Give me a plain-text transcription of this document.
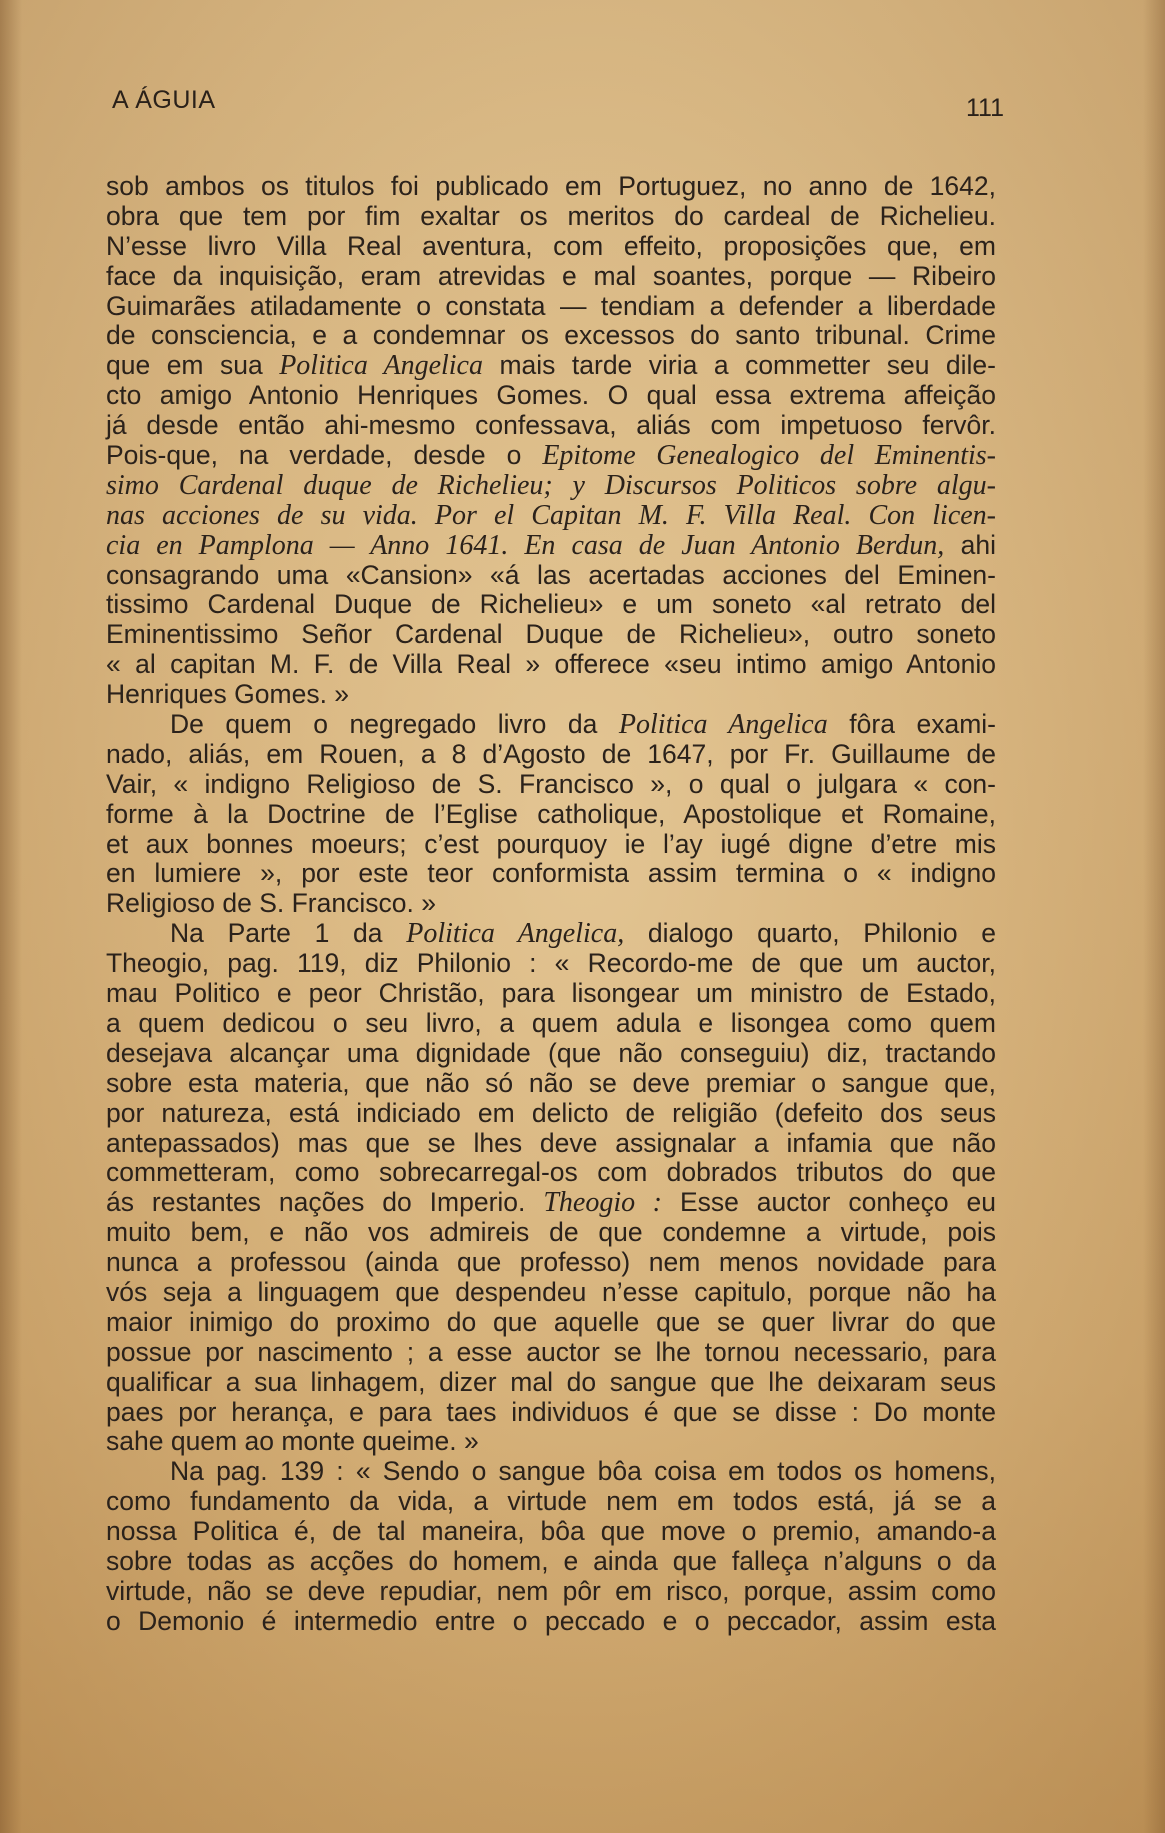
A ÁGUIA	111
sob ambos os titulos foi publicado em Portuguez, no anno de 1642,
obra que tem por fim exaltar os meritos do cardeal de Richelieu.
N’esse livro Villa Real aventura, com effeito, proposições que, em
face da inquisição, eram atrevidas e mal soantes, porque — Ribeiro
Guimarães atiladamente o constata — tendiam a defender a liberdade
de consciencia, e a condemnar os excessos do santo tribunal. Crime
que em sua Politica Angelica mais tarde viria a commetter seu dile-
cto amigo Antonio Henriques Gomes. O qual essa extrema affeição
já desde então ahi-mesmo confessava, aliás com impetuoso fervôr.
Pois-que, na verdade, desde o Epitome Genealogico del Eminentis-
simo Cardenal duque de Richelieu; y Discursos Politicos sobre algu-
nas acciones de su vida. Por el Capitan M. F. Villa Real. Con licen-
cia en Pamplona — Anno 1641. En casa de Juan Antonio Berdun, ahi
consagrando uma «Cansion» «á las acertadas acciones del Eminen-
tissimo Cardenal Duque de Richelieu» e um soneto «al retrato del
Eminentissimo Señor Cardenal Duque de Richelieu», outro soneto
« al capitan M. F. de Villa Real » offerece «seu intimo amigo Antonio
Henriques Gomes. »
De quem o negregado livro da Politica Angelica fôra exami-
nado, aliás, em Rouen, a 8 d’Agosto de 1647, por Fr. Guillaume de
Vair, « indigno Religioso de S. Francisco », o qual o julgara « con-
forme à la Doctrine de l’Eglise catholique, Apostolique et Romaine,
et aux bonnes moeurs; c’est pourquoy ie l’ay iugé digne d’etre mis
en lumiere », por este teor conformista assim termina o « indigno
Religioso de S. Francisco. »
Na Parte 1 da Politica Angelica, dialogo quarto, Philonio e
Theogio, pag. 119, diz Philonio : « Recordo-me de que um auctor,
mau Politico e peor Christão, para lisongear um ministro de Estado,
a quem dedicou o seu livro, a quem adula e lisongea como quem
desejava alcançar uma dignidade (que não conseguiu) diz, tractando
sobre esta materia, que não só não se deve premiar o sangue que,
por natureza, está indiciado em delicto de religião (defeito dos seus
antepassados) mas que se lhes deve assignalar a infamia que não
commetteram, como sobrecarregal-os com dobrados tributos do que
ás restantes nações do Imperio. Theogio : Esse auctor conheço eu
muito bem, e não vos admireis de que condemne a virtude, pois
nunca a professou (ainda que professo) nem menos novidade para
vós seja a linguagem que despendeu n’esse capitulo, porque não ha
maior inimigo do proximo do que aquelle que se quer livrar do que
possue por nascimento ; a esse auctor se lhe tornou necessario, para
qualificar a sua linhagem, dizer mal do sangue que lhe deixaram seus
paes por herança, e para taes individuos é que se disse : Do monte
sahe quem ao monte queime. »
Na pag. 139 : « Sendo o sangue bôa coisa em todos os homens,
como fundamento da vida, a virtude nem em todos está, já se a
nossa Politica é, de tal maneira, bôa que move o premio, amando-a
sobre todas as acções do homem, e ainda que falleça n’alguns o da
virtude, não se deve repudiar, nem pôr em risco, porque, assim como
o Demonio é intermedio entre o peccado e o peccador, assim esta
